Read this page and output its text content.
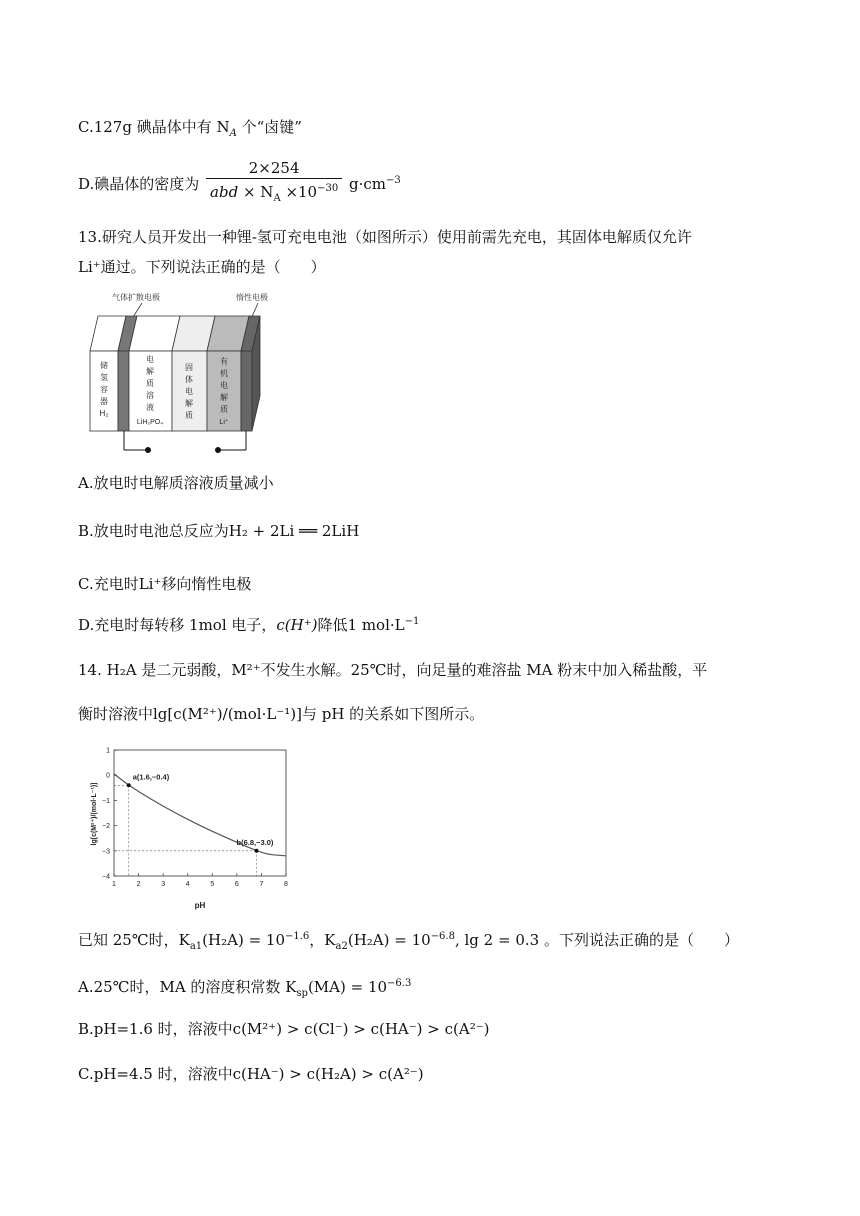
C.127g 碘晶体中有 $N_A$ 个“卤键”
D.碘晶体的密度为 $\frac{2\times 254}{abd \times N_A \times 10^{-30}} g\cdot cm^{-3}$
13.研究人员开发出一种锂-氢可充电电池（如图所示）使用前需先充电，其固体电解质仅允许
Li⁺通过。下列说法正确的是（　　）
气体扩散电极	惰性电极
储
氢
容
器
H₂
电
解
质
溶
液
LiH₂PO₄
固
体
电
解
质
有
机
电
解
质
Li⁺
A.放电时电解质溶液质量减小
B.放电时电池总反应为H₂ + 2Li ══ 2LiH
C.充电时Li⁺移向惰性电极
D.充电时每转移 1mol 电子，c(H⁺)降低1 $mol\cdot L^{-1}$
14. H₂A 是二元弱酸，M²⁺不发生水解。25℃时，向足量的难溶盐 MA 粉末中加入稀盐酸，平
衡时溶液中lg[c(M²⁺)/(mol·L⁻¹)]与 pH 的关系如下图所示。
1	2	3	4	5	6	7	8
1
0
−1
−2
−3
−4
a(1.6,−0.4)
b(6.8,−3.0)
pH
lg[c(M²⁺)/(mol·L⁻¹)]
已知 25℃时，$K_{a1}(H_2A) = 10^{-1.6}$，$K_{a2}(H_2A) = 10^{-6.8}$, lg 2 = 0.3 。下列说法正确的是（　　）
A.25℃时，MA 的溶度积常数 $K_{sp}(MA) = 10^{-6.3}$
B.pH=1.6 时，溶液中c(M²⁺) > c(Cl⁻) > c(HA⁻) > c(A²⁻)
C.pH=4.5 时，溶液中c(HA⁻) > c(H₂A) > c(A²⁻)
